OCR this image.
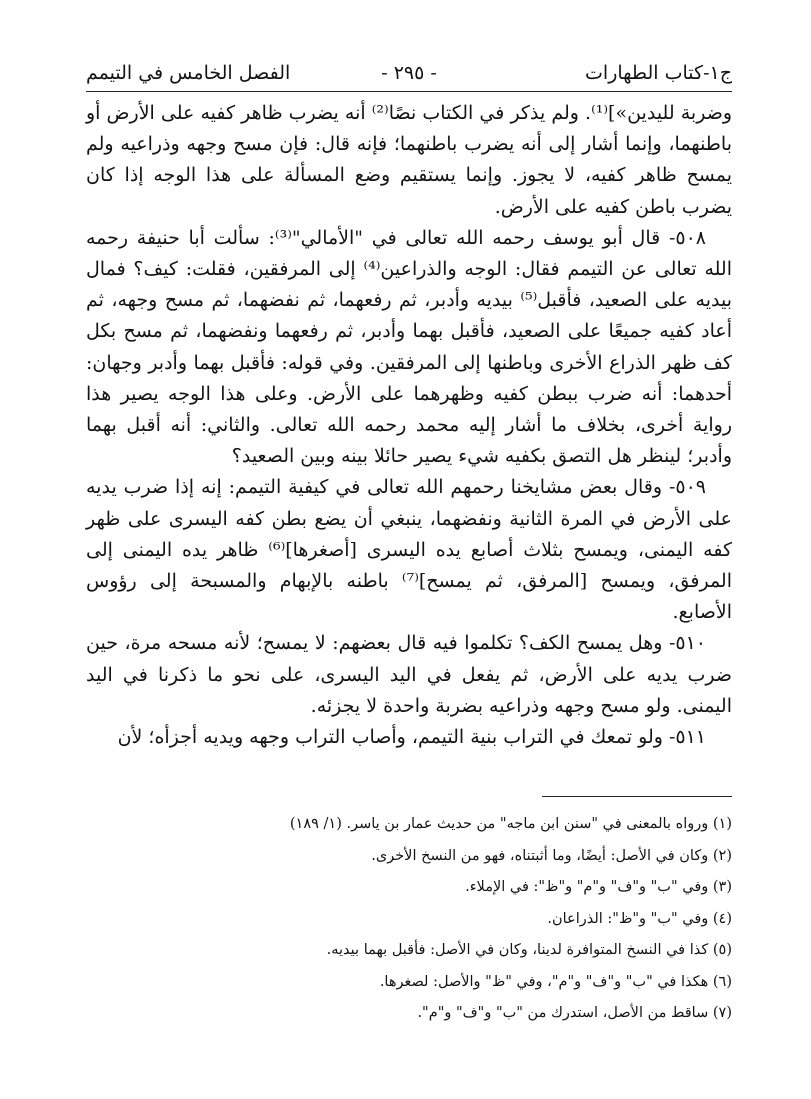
ج١-كتاب الطهارات
- ٢٩٥ -
الفصل الخامس في التيمم

وضربة لليدين»]⁽¹⁾. ولم يذكر في الكتاب نصًا⁽²⁾ أنه يضرب ظاهر كفيه على الأرض أو باطنهما، وإنما أشار إلى أنه يضرب باطنهما؛ فإنه قال: فإن مسح وجهه وذراعيه ولم يمسح ظاهر كفيه، لا يجوز. وإنما يستقيم وضع المسألة على هذا الوجه إذا كان يضرب باطن كفيه على الأرض.

٥٠٨- قال أبو يوسف رحمه الله تعالى في "الأمالي"⁽³⁾: سألت أبا حنيفة رحمه الله تعالى عن التيمم فقال: الوجه والذراعين⁽⁴⁾ إلى المرفقين، فقلت: كيف؟ فمال بيديه على الصعيد، فأقبل⁽⁵⁾ بيديه وأدبر، ثم رفعهما، ثم نفضهما، ثم مسح وجهه، ثم أعاد كفيه جميعًا على الصعيد، فأقبل بهما وأدبر، ثم رفعهما ونفضهما، ثم مسح بكل كف ظهر الذراع الأخرى وباطنها إلى المرفقين. وفي قوله: فأقبل بهما وأدبر وجهان: أحدهما: أنه ضرب ببطن كفيه وظهرهما على الأرض. وعلى هذا الوجه يصير هذا رواية أخرى، بخلاف ما أشار إليه محمد رحمه الله تعالى. والثاني: أنه أقبل بهما وأدبر؛ لينظر هل التصق بكفيه شيء يصير حائلا بينه وبين الصعيد؟

٥٠٩- وقال بعض مشايخنا رحمهم الله تعالى في كيفية التيمم: إنه إذا ضرب يديه على الأرض في المرة الثانية ونفضهما، ينبغي أن يضع بطن كفه اليسرى على ظهر كفه اليمنى، ويمسح بثلاث أصابع يده اليسرى [أصغرها]⁽⁶⁾ ظاهر يده اليمنى إلى المرفق، ويمسح [المرفق، ثم يمسح]⁽⁷⁾ باطنه بالإبهام والمسبحة إلى رؤوس الأصابع.

٥١٠- وهل يمسح الكف؟ تكلموا فيه قال بعضهم: لا يمسح؛ لأنه مسحه مرة، حين ضرب يديه على الأرض، ثم يفعل في اليد اليسرى، على نحو ما ذكرنا في اليد اليمنى. ولو مسح وجهه وذراعيه بضربة واحدة لا يجزئه.

٥١١- ولو تمعك في التراب بنية التيمم، وأصاب التراب وجهه ويديه أجزأه؛ لأن

(١) ورواه بالمعنى في "سنن ابن ماجه" من حديث عمار بن ياسر. (١/ ١٨٩)
(٢) وكان في الأصل: أيضًا، وما أثبتناه، فهو من النسخ الأخرى.
(٣) وفي "ب" و"ف" و"م" و"ظ": في الإملاء.
(٤) وفي "ب" و"ظ": الذراعان.
(٥) كذا في النسخ المتوافرة لدينا، وكان في الأصل: فأقبل بهما بيديه.
(٦) هكذا في "ب" و"ف" و"م"، وفي "ظ" والأصل: لصغرها.
(٧) ساقط من الأصل، استدرك من "ب" و"ف" و"م".
